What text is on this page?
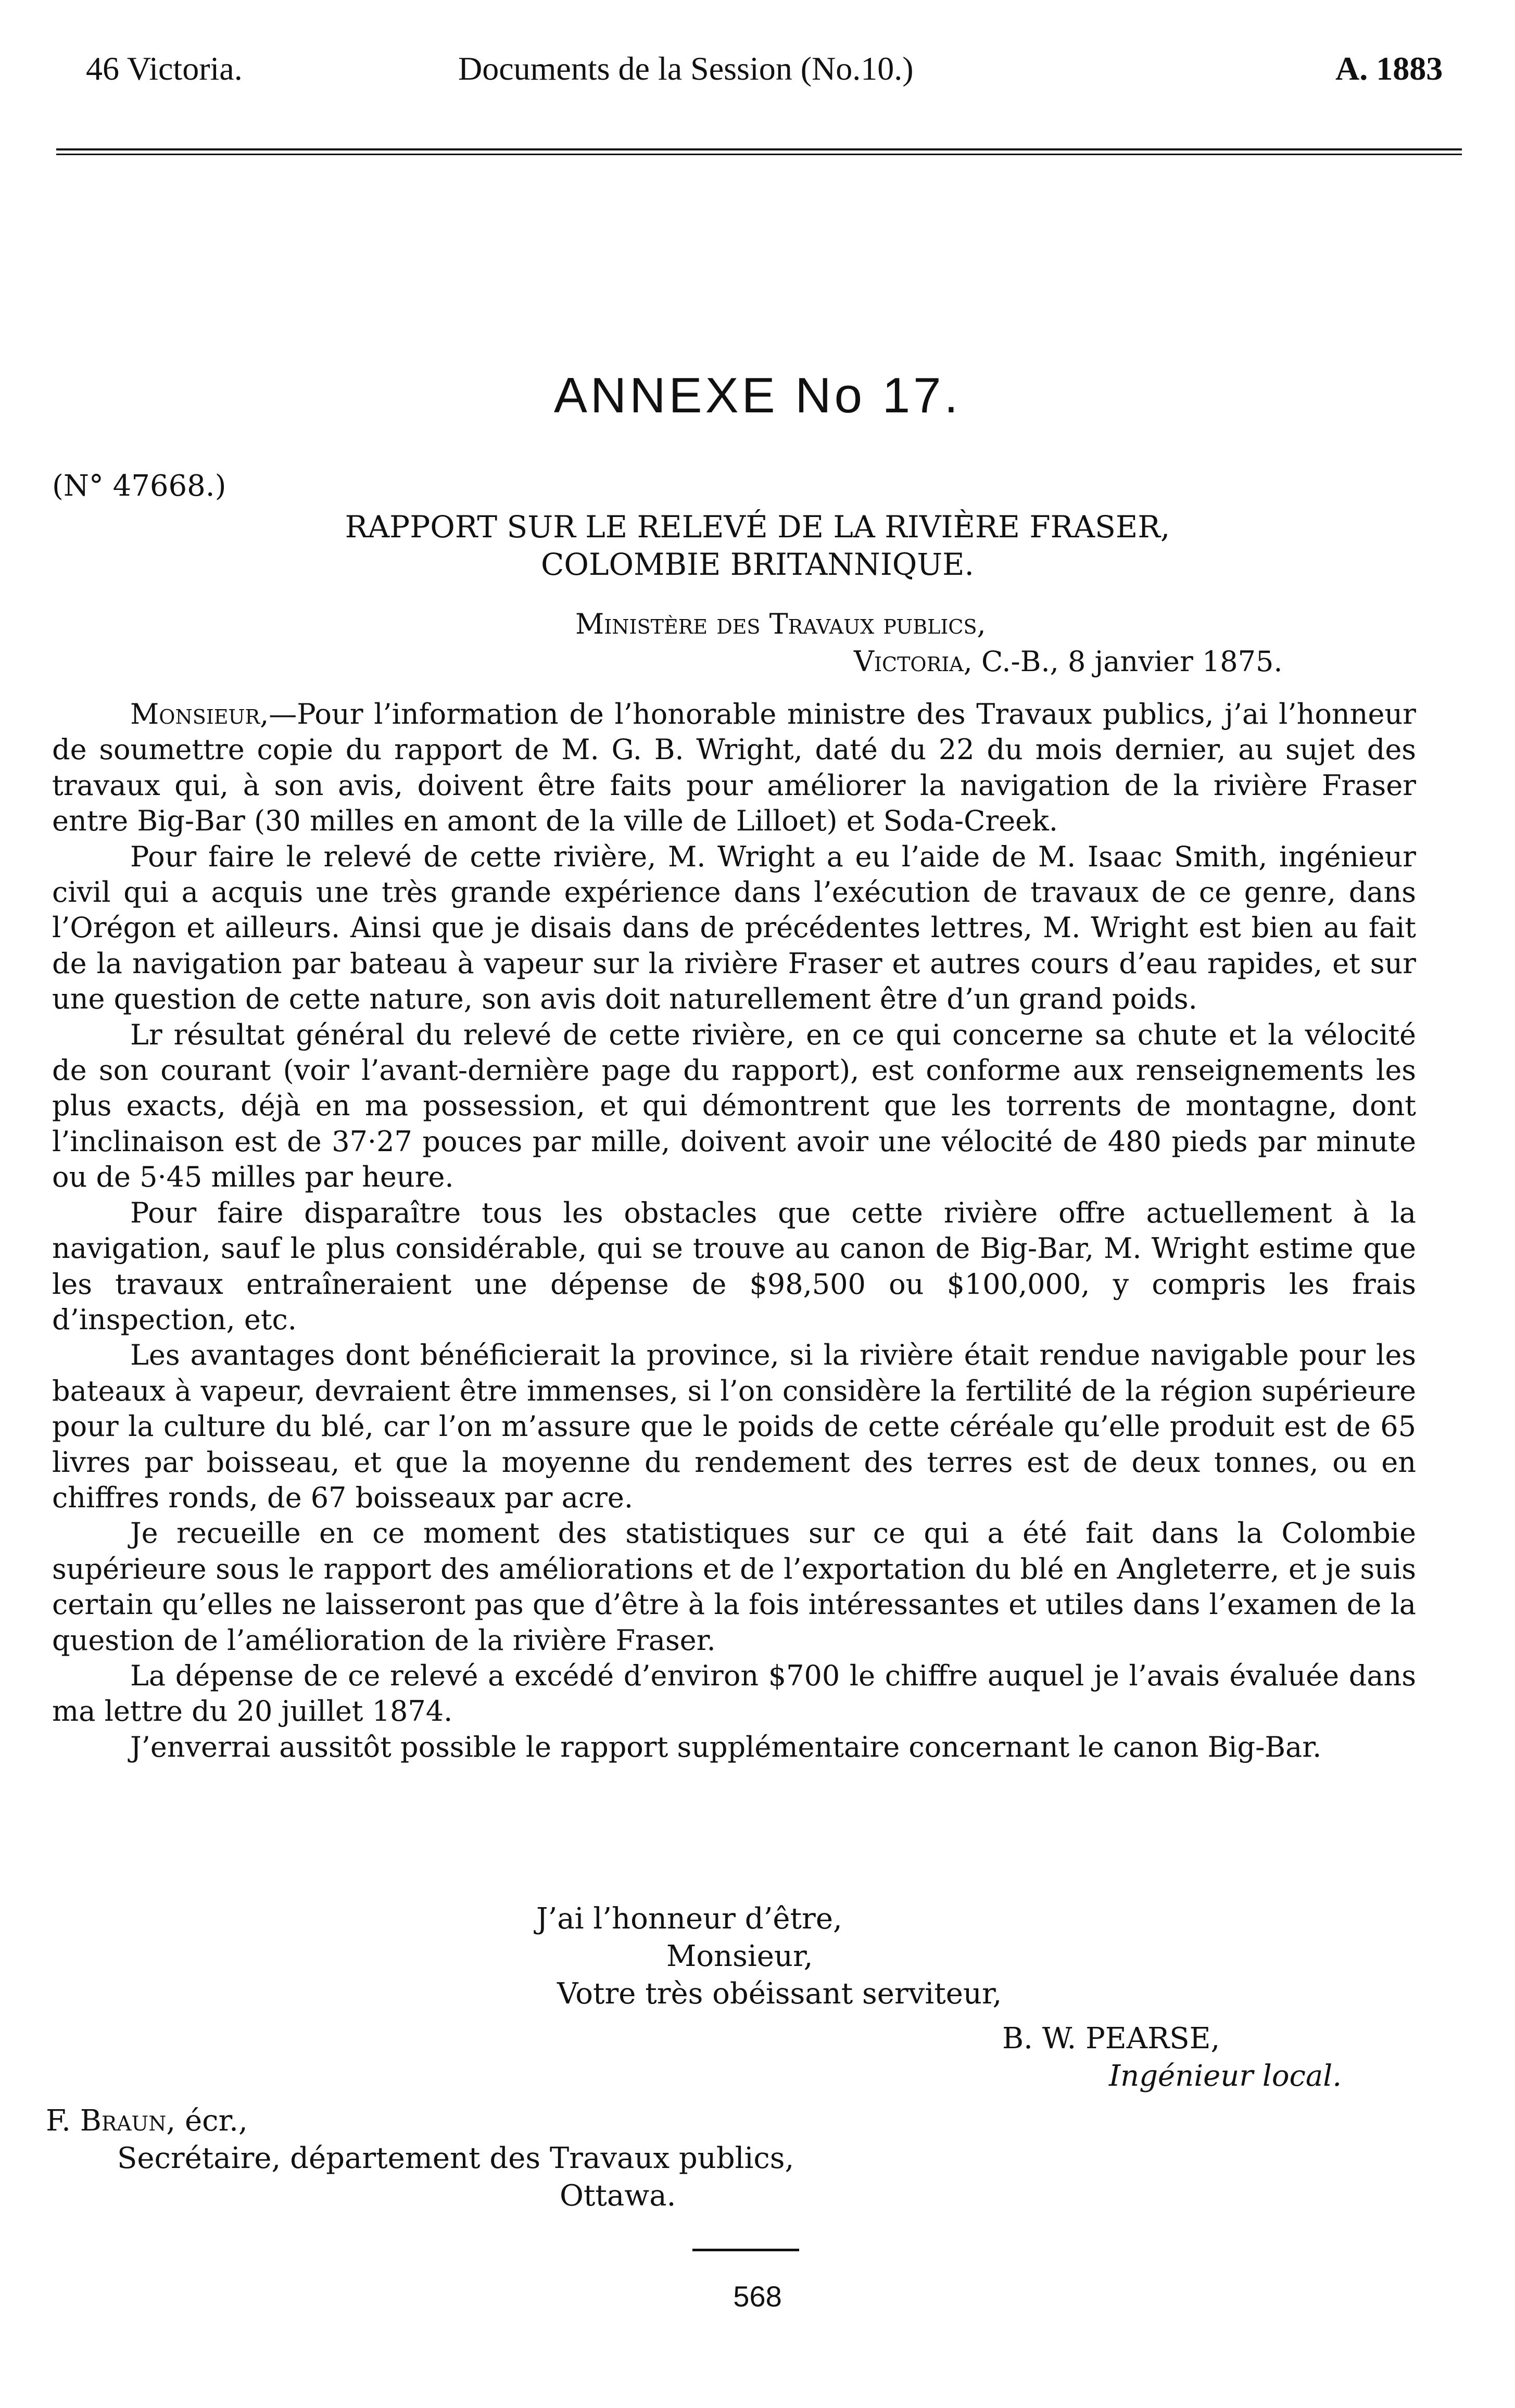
46 Victoria.	Documents de la Session (No.10.)	A. 1883
ANNEXE No 17.
(N° 47668.)
RAPPORT SUR LE RELEVÉ DE LA RIVIÈRE FRASER,
COLOMBIE BRITANNIQUE.
Ministère des Travaux publics,
Victoria, C.-B., 8 janvier 1875.

Monsieur,—Pour l’information de l’honorable ministre des Travaux publics, j’ai l’honneur de soumettre copie du rapport de M. G. B. Wright, daté du 22 du mois dernier, au sujet des travaux qui, à son avis, doivent être faits pour améliorer la navigation de la rivière Fraser entre Big-Bar (30 milles en amont de la ville de Lilloet) et Soda-Creek.

Pour faire le relevé de cette rivière, M. Wright a eu l’aide de M. Isaac Smith, ingénieur civil qui a acquis une très grande expérience dans l’exécution de travaux de ce genre, dans l’Orégon et ailleurs. Ainsi que je disais dans de précédentes lettres, M. Wright est bien au fait de la navigation par bateau à vapeur sur la rivière Fraser et autres cours d’eau rapides, et sur une question de cette nature, son avis doit naturellement être d’un grand poids.

Lr résultat général du relevé de cette rivière, en ce qui concerne sa chute et la vélocité de son courant (voir l’avant-dernière page du rapport), est conforme aux renseignements les plus exacts, déjà en ma possession, et qui démontrent que les torrents de montagne, dont l’inclinaison est de 37·27 pouces par mille, doivent avoir une vélocité de 480 pieds par minute ou de 5·45 milles par heure.

Pour faire disparaître tous les obstacles que cette rivière offre actuellement à la navigation, sauf le plus considérable, qui se trouve au canon de Big-Bar, M. Wright estime que les travaux entraîneraient une dépense de $98,500 ou $100,000, y compris les frais d’inspection, etc.

Les avantages dont bénéficierait la province, si la rivière était rendue navigable pour les bateaux à vapeur, devraient être immenses, si l’on considère la fertilité de la région supérieure pour la culture du blé, car l’on m’assure que le poids de cette céréale qu’elle produit est de 65 livres par boisseau, et que la moyenne du rendement des terres est de deux tonnes, ou en chiffres ronds, de 67 boisseaux par acre.

Je recueille en ce moment des statistiques sur ce qui a été fait dans la Colombie supérieure sous le rapport des améliorations et de l’exportation du blé en Angleterre, et je suis certain qu’elles ne laisseront pas que d’être à la fois intéressantes et utiles dans l’examen de la question de l’amélioration de la rivière Fraser.

La dépense de ce relevé a excédé d’environ $700 le chiffre auquel je l’avais évaluée dans ma lettre du 20 juillet 1874.

J’enverrai aussitôt possible le rapport supplémentaire concernant le canon Big-Bar.

J’ai l’honneur d’être,
Monsieur,
Votre très obéissant serviteur,
B. W. PEARSE,
Ingénieur local.
F. Braun, écr.,
Secrétaire, département des Travaux publics,
Ottawa.
568
